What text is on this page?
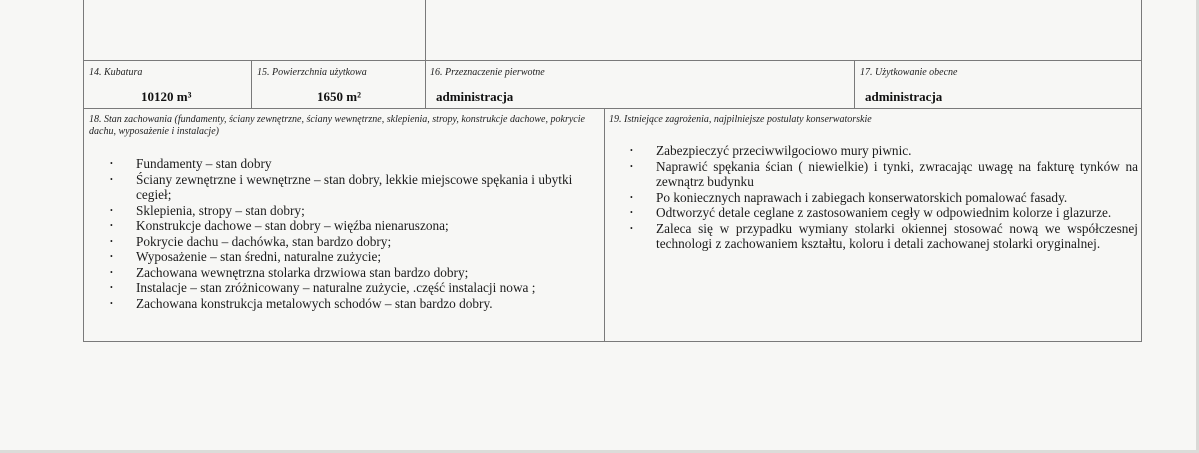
14. Kubatura
10120 m³
15. Powierzchnia użytkowa
1650 m²
16. Przeznaczenie pierwotne
administracja
17. Użytkowanie obecne
administracja
18. Stan zachowania (fundamenty, ściany zewnętrzne, ściany wewnętrzne, sklepienia, stropy, konstrukcje dachowe, pokrycie dachu, wyposażenie i instalacje)
• Fundamenty – stan dobry
• Ściany zewnętrzne i wewnętrzne – stan dobry, lekkie miejscowe spękania i ubytki cegieł;
• Sklepienia, stropy – stan dobry;
• Konstrukcje dachowe – stan dobry – więźba nienaruszona;
• Pokrycie dachu – dachówka, stan bardzo dobry;
• Wyposażenie – stan średni, naturalne zużycie;
• Zachowana wewnętrzna stolarka drzwiowa stan bardzo dobry;
• Instalacje – stan zróżnicowany – naturalne zużycie, .część instalacji nowa ;
• Zachowana konstrukcja metalowych schodów – stan bardzo dobry.
19. Istniejące zagrożenia, najpilniejsze postulaty konserwatorskie
• Zabezpieczyć przeciwwilgociowo mury piwnic.
• Naprawić spękania ścian ( niewielkie) i tynki, zwracając uwagę na fakturę tynków na zewnątrz budynku
• Po koniecznych naprawach i zabiegach konserwatorskich pomalować fasady.
• Odtworzyć detale ceglane z zastosowaniem cegły w odpowiednim kolorze i glazurze.
• Zaleca się w przypadku wymiany stolarki okiennej stosować nową we współczesnej technologi z zachowaniem kształtu, koloru i detali zachowanej stolarki oryginalnej.
